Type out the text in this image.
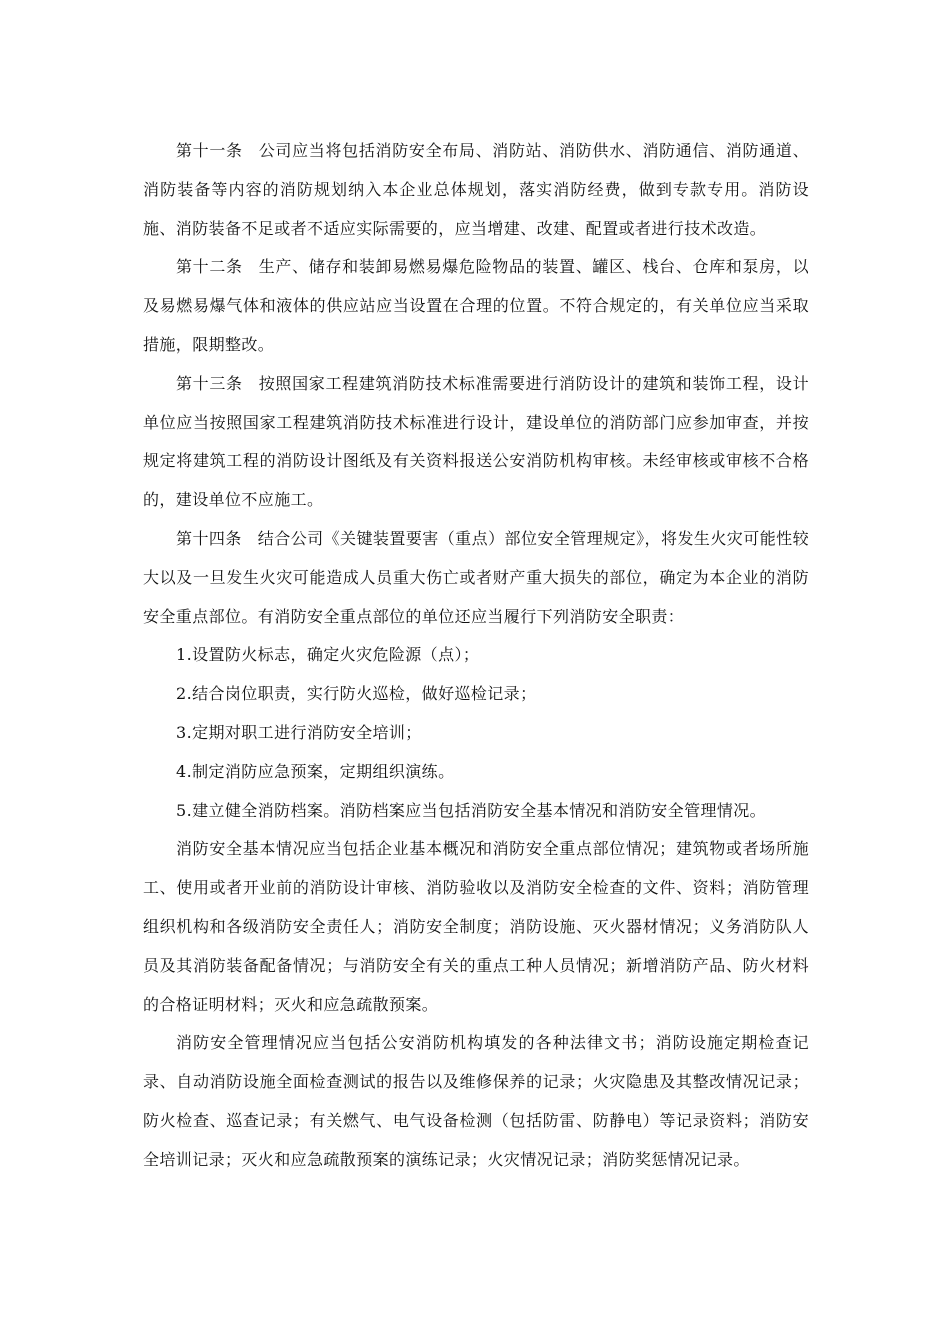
第十一条 公司应当将包括消防安全布局、消防站、消防供水、消防通信、消防通道、消防装备等内容的消防规划纳入本企业总体规划，落实消防经费，做到专款专用。消防设施、消防装备不足或者不适应实际需要的，应当增建、改建、配置或者进行技术改造。

第十二条 生产、储存和装卸易燃易爆危险物品的装置、罐区、栈台、仓库和泵房，以及易燃易爆气体和液体的供应站应当设置在合理的位置。不符合规定的，有关单位应当采取措施，限期整改。

第十三条 按照国家工程建筑消防技术标准需要进行消防设计的建筑和装饰工程，设计单位应当按照国家工程建筑消防技术标准进行设计，建设单位的消防部门应参加审查，并按规定将建筑工程的消防设计图纸及有关资料报送公安消防机构审核。未经审核或审核不合格的，建设单位不应施工。

第十四条 结合公司《关键装置要害（重点）部位安全管理规定》，将发生火灾可能性较大以及一旦发生火灾可能造成人员重大伤亡或者财产重大损失的部位，确定为本企业的消防安全重点部位。有消防安全重点部位的单位还应当履行下列消防安全职责：

1.设置防火标志，确定火灾危险源（点）；

2.结合岗位职责，实行防火巡检，做好巡检记录；

3.定期对职工进行消防安全培训；

4.制定消防应急预案，定期组织演练。

5.建立健全消防档案。消防档案应当包括消防安全基本情况和消防安全管理情况。

消防安全基本情况应当包括企业基本概况和消防安全重点部位情况；建筑物或者场所施工、使用或者开业前的消防设计审核、消防验收以及消防安全检查的文件、资料；消防管理组织机构和各级消防安全责任人；消防安全制度；消防设施、灭火器材情况；义务消防队人员及其消防装备配备情况；与消防安全有关的重点工种人员情况；新增消防产品、防火材料的合格证明材料；灭火和应急疏散预案。

消防安全管理情况应当包括公安消防机构填发的各种法律文书；消防设施定期检查记录、自动消防设施全面检查测试的报告以及维修保养的记录；火灾隐患及其整改情况记录；防火检查、巡查记录；有关燃气、电气设备检测（包括防雷、防静电）等记录资料；消防安全培训记录；灭火和应急疏散预案的演练记录；火灾情况记录；消防奖惩情况记录。
